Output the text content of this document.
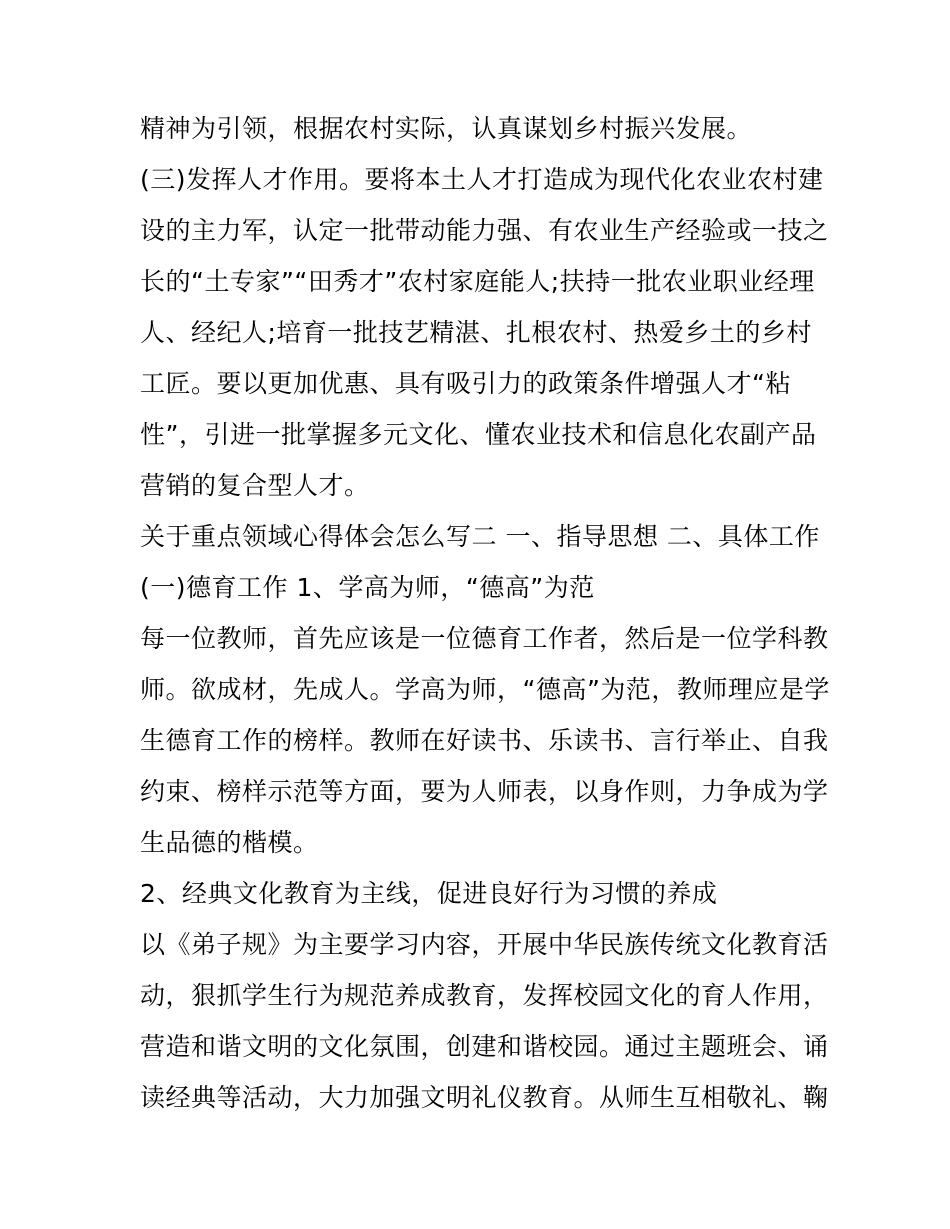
精神为引领，根据农村实际，认真谋划乡村振兴发展。
(三)发挥人才作用。要将本土人才打造成为现代化农业农村建
设的主力军，认定一批带动能力强、有农业生产经验或一技之
长的“土专家”“田秀才”农村家庭能人;扶持一批农业职业经理
人、经纪人;培育一批技艺精湛、扎根农村、热爱乡土的乡村
工匠。要以更加优惠、具有吸引力的政策条件增强人才“粘
性”，引进一批掌握多元文化、懂农业技术和信息化农副产品
营销的复合型人才。
关于重点领域心得体会怎么写二 一、指导思想 二、具体工作
(一)德育工作 1、学高为师，“德高”为范
每一位教师，首先应该是一位德育工作者，然后是一位学科教
师。欲成材，先成人。学高为师，“德高”为范，教师理应是学
生德育工作的榜样。教师在好读书、乐读书、言行举止、自我
约束、榜样示范等方面，要为人师表，以身作则，力争成为学
生品德的楷模。
2、经典文化教育为主线，促进良好行为习惯的养成
以《弟子规》为主要学习内容，开展中华民族传统文化教育活
动，狠抓学生行为规范养成教育，发挥校园文化的育人作用，
营造和谐文明的文化氛围，创建和谐校园。通过主题班会、诵
读经典等活动，大力加强文明礼仪教育。从师生互相敬礼、鞠
